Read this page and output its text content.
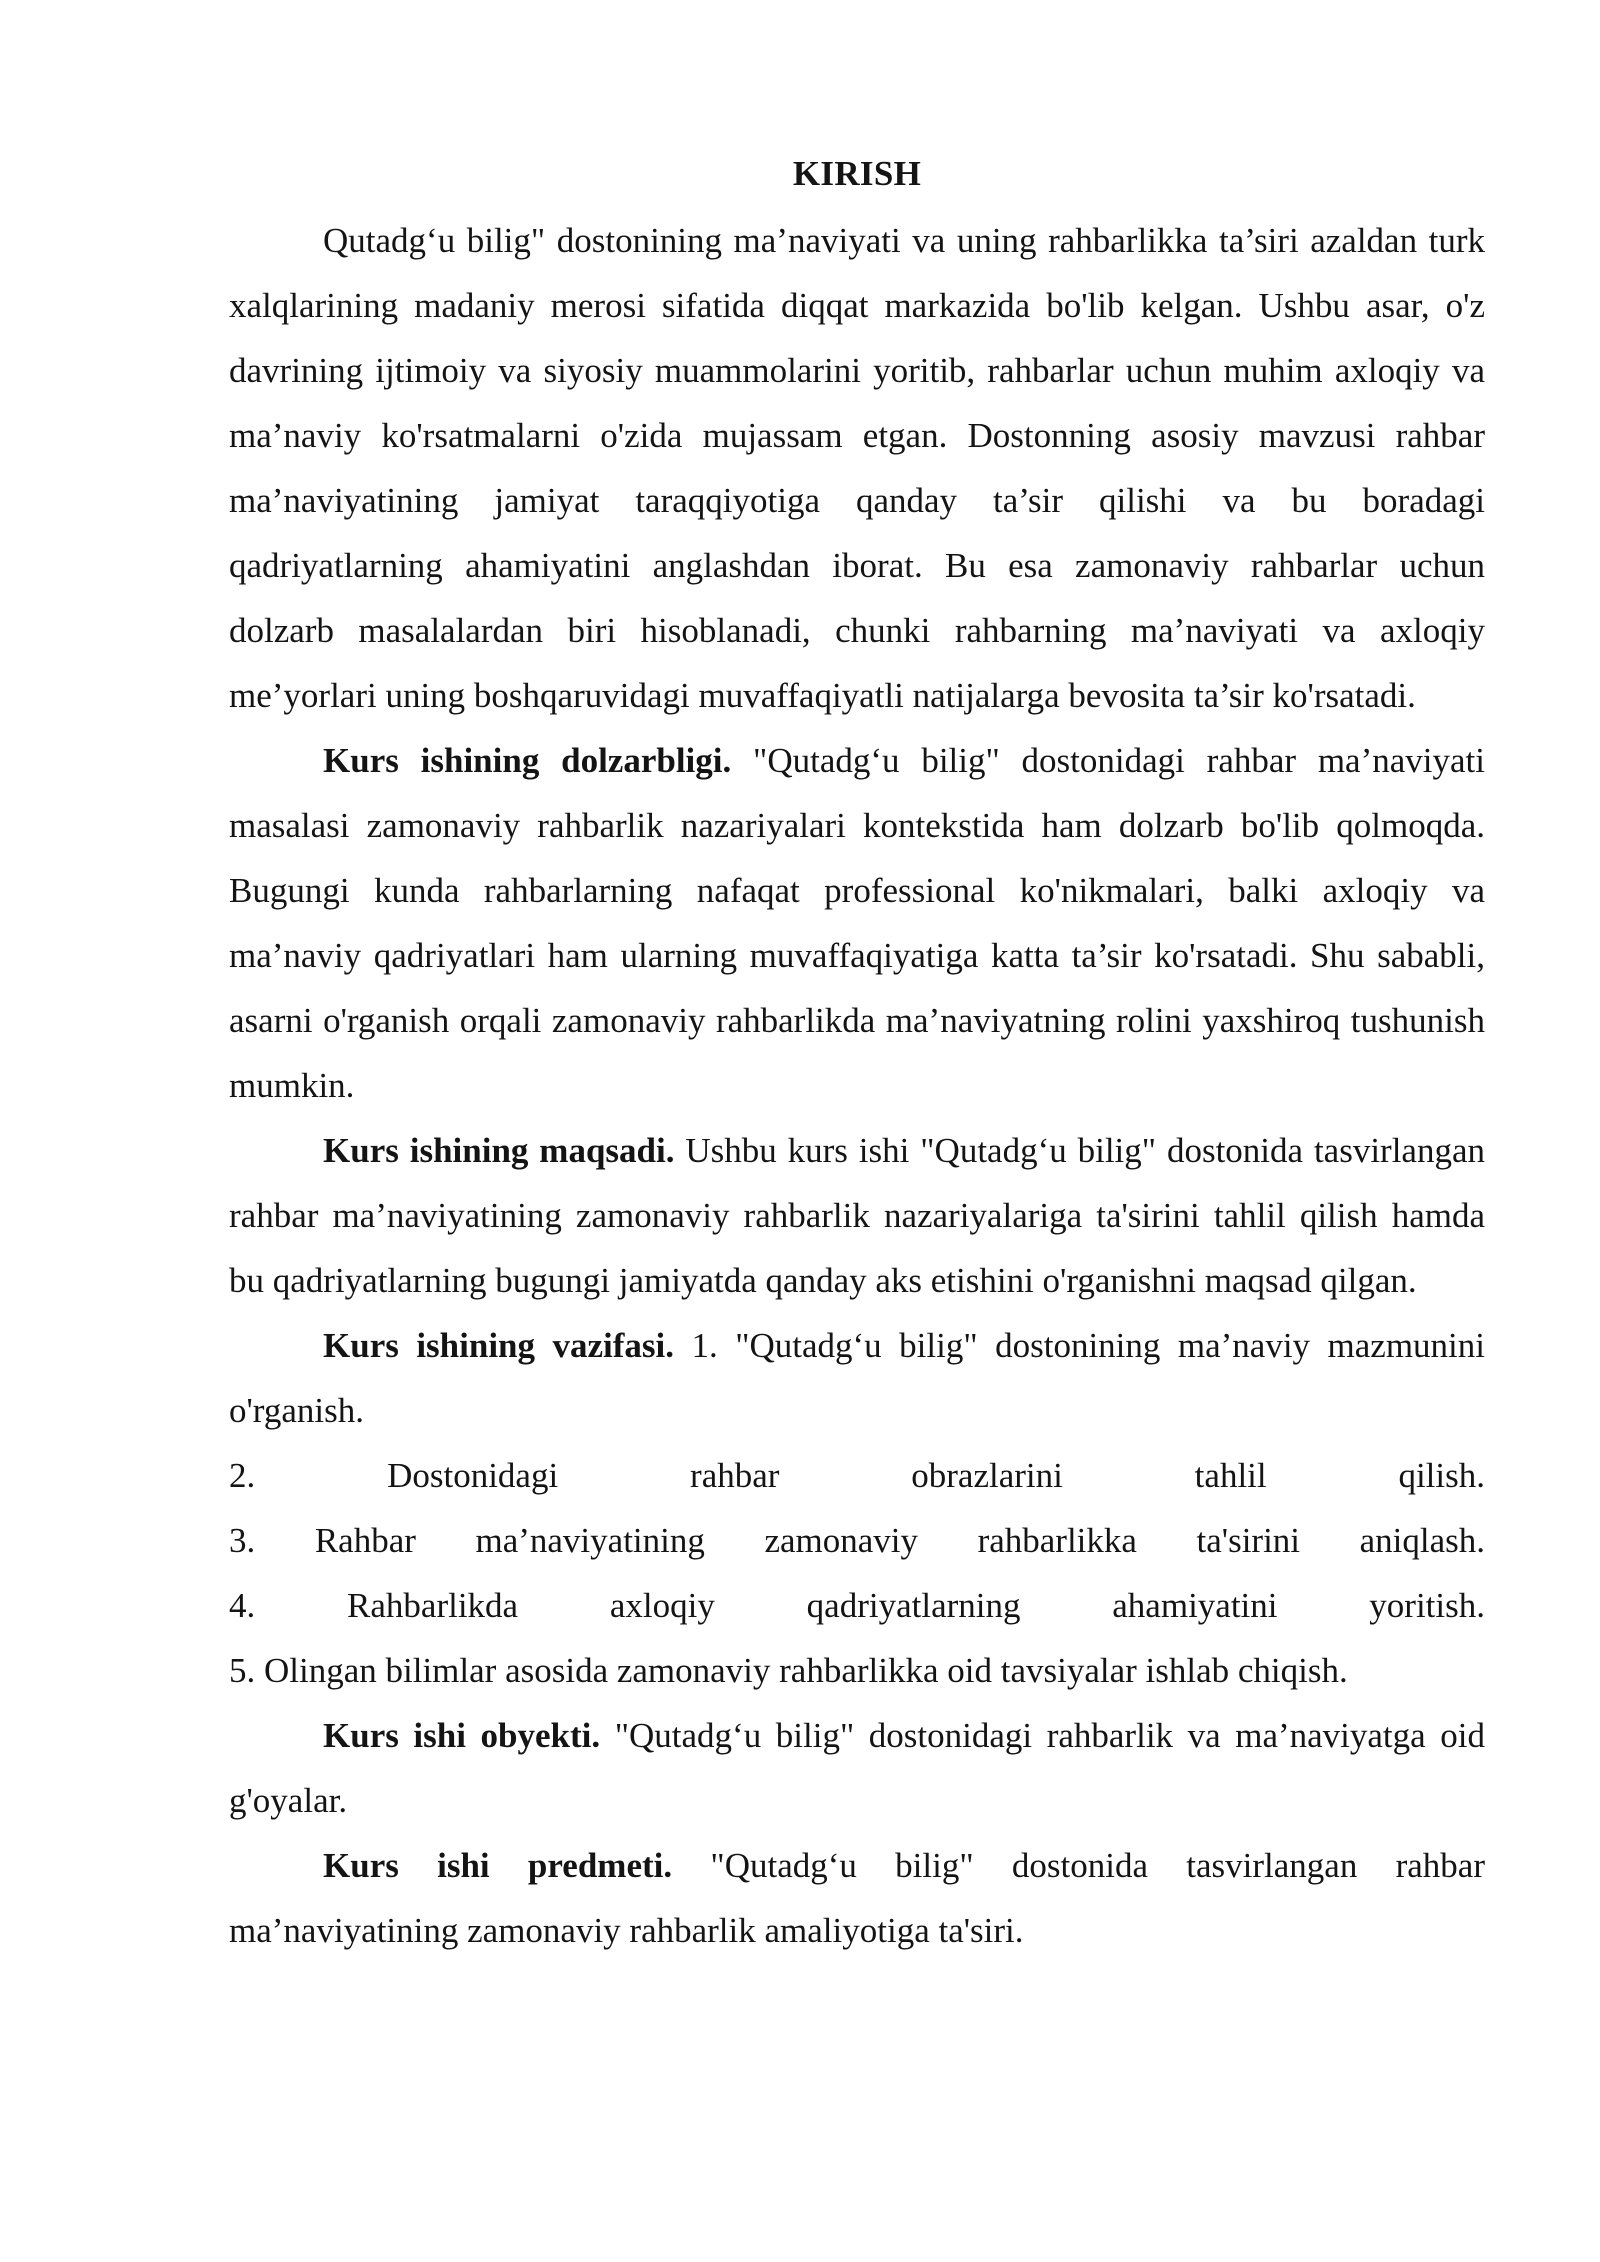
KIRISH

Qutadg‘u bilig" dostonining ma’naviyati va uning rahbarlikka ta’siri azaldan turk xalqlarining madaniy merosi sifatida diqqat markazida bo'lib kelgan. Ushbu asar, o'z davrining ijtimoiy va siyosiy muammolarini yoritib, rahbarlar uchun muhim axloqiy va ma’naviy ko'rsatmalarni o'zida mujassam etgan. Dostonning asosiy mavzusi rahbar ma’naviyatining jamiyat taraqqiyotiga qanday ta’sir qilishi va bu boradagi qadriyatlarning ahamiyatini anglashdan iborat. Bu esa zamonaviy rahbarlar uchun dolzarb masalalardan biri hisoblanadi, chunki rahbarning ma’naviyati va axloqiy me’yorlari uning boshqaruvidagi muvaffaqiyatli natijalarga bevosita ta’sir ko'rsatadi.

Kurs ishining dolzarbligi. "Qutadg‘u bilig" dostonidagi rahbar ma’naviyati masalasi zamonaviy rahbarlik nazariyalari kontekstida ham dolzarb bo'lib qolmoqda. Bugungi kunda rahbarlarning nafaqat professional ko'nikmalari, balki axloqiy va ma’naviy qadriyatlari ham ularning muvaffaqiyatiga katta ta’sir ko'rsatadi. Shu sababli, asarni o'rganish orqali zamonaviy rahbarlikda ma’naviyatning rolini yaxshiroq tushunish mumkin.

Kurs ishining maqsadi. Ushbu kurs ishi "Qutadg‘u bilig" dostonida tasvirlangan rahbar ma’naviyatining zamonaviy rahbarlik nazariyalariga ta'sirini tahlil qilish hamda bu qadriyatlarning bugungi jamiyatda qanday aks etishini o'rganishni maqsad qilgan.

Kurs ishining vazifasi. 1. "Qutadg‘u bilig" dostonining ma’naviy mazmunini o'rganish.

2. Dostonidagi rahbar obrazlarini tahlil qilish.

3. Rahbar ma’naviyatining zamonaviy rahbarlikka ta'sirini aniqlash.

4. Rahbarlikda axloqiy qadriyatlarning ahamiyatini yoritish.

5. Olingan bilimlar asosida zamonaviy rahbarlikka oid tavsiyalar ishlab chiqish.

Kurs ishi obyekti. "Qutadg‘u bilig" dostonidagi rahbarlik va ma’naviyatga oid g'oyalar.

Kurs ishi predmeti. "Qutadg‘u bilig" dostonida tasvirlangan rahbar ma’naviyatining zamonaviy rahbarlik amaliyotiga ta'siri.
